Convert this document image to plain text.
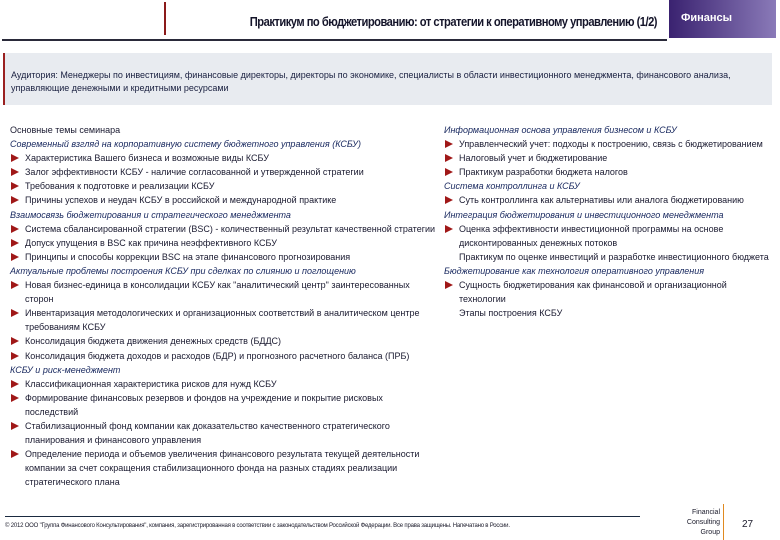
Практикум по бюджетированию: от стратегии к оперативному управлению (1/2)	Финансы
Аудитория: Менеджеры по инвестициям, финансовые директоры, директоры по экономике, специалисты в области инвестиционного менеджмента, финансового анализа, управляющие денежными и кредитными ресурсами
Основные темы семинара
Современный взгляд на корпоративную систему бюджетного управления (КСБУ)
Характеристика Вашего бизнеса и возможные виды КСБУ
Залог эффективности КСБУ - наличие согласованной и утвержденной стратегии
Требования к подготовке и реализации КСБУ
Причины успехов и неудач КСБУ в российской и международной практике
Взаимосвязь бюджетирования и стратегического менеджмента
Система сбалансированной стратегии (BSC) - количественный результат качественной стратегии
Допуск упущения в BSC как причина неэффективного КСБУ
Принципы и способы коррекции BSC на этапе финансового прогнозирования
Актуальные проблемы построения КСБУ при сделках по слиянию и поглощению
Новая бизнес-единица в консолидации КСБУ как "аналитический центр" заинтересованных сторон
Инвентаризация методологических и организационных соответствий в аналитическом центре требованиям КСБУ
Консолидация бюджета движения денежных средств (БДДС)
Консолидация бюджета доходов и расходов (БДР) и прогнозного расчетного баланса (ПРБ)
КСБУ и риск-менеджмент
Классификационная характеристика рисков для нужд КСБУ
Формирование финансовых резервов и фондов на учреждение и покрытие рисковых последствий
Стабилизационный фонд компании как доказательство качественного стратегического планирования и финансового управления
Определение периода и объемов увеличения финансового результата текущей деятельности компании за счет сокращения стабилизационного фонда на разных стадиях реализации стратегического плана
Информационная основа управления бизнесом и КСБУ
Управленческий учет: подходы к построению, связь с бюджетированием
Налоговый учет и бюджетирование
Практикум разработки бюджета налогов
Система контроллинга и КСБУ
Суть контроллинга как альтернативы или аналога бюджетированию
Интеграция бюджетирования и инвестиционного менеджмента
Оценка эффективности инвестиционной программы на основе дисконтированных денежных потоков
Практикум по оценке инвестиций и разработке инвестиционного бюджета
Бюджетирование как технология оперативного управления
Сущность бюджетирования как финансовой и организационной технологии
Этапы построения КСБУ
© 2012 ООО "Группа Финансового Консультирования", компания, зарегистрированная в соответствии с законодательством Российской Федерации. Все права защищены. Напечатано в России.
Financial
Consulting
Group
27
